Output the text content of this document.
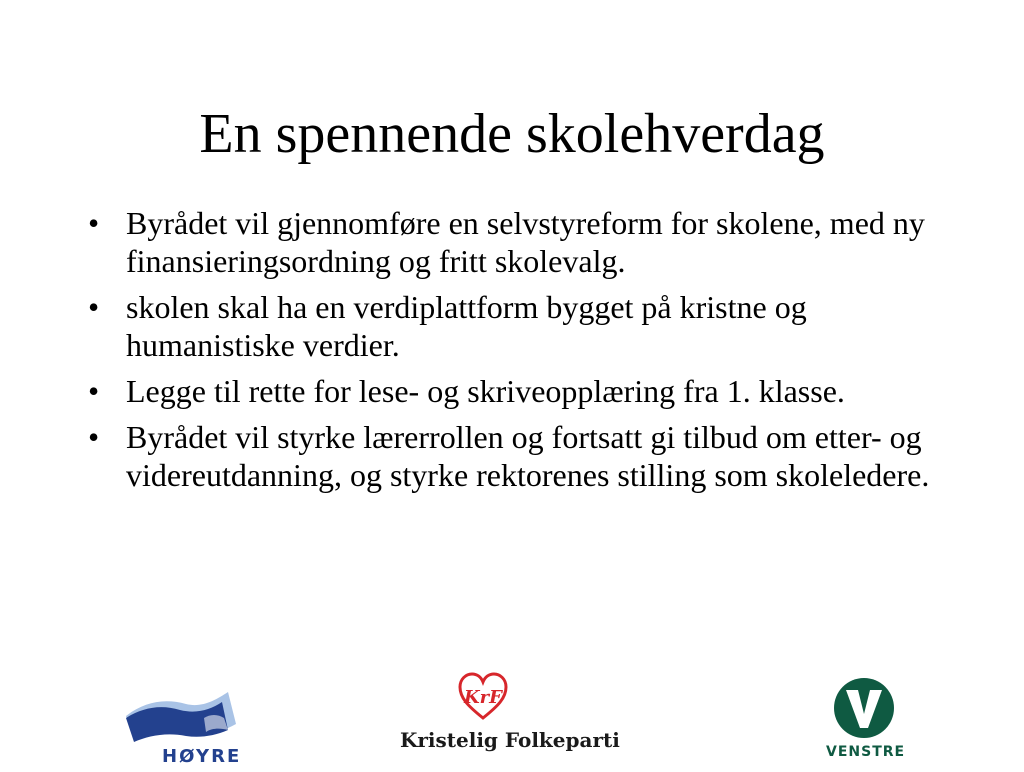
En spennende skolehverdag
• Byrådet vil gjennomføre en selvstyreform for skolene, med ny finansieringsordning og fritt skolevalg.
• skolen skal ha en verdiplattform bygget på kristne og humanistiske verdier.
• Legge til rette for lese- og skriveopplæring fra 1. klasse.
• Byrådet vil styrke lærerrollen og fortsatt gi tilbud om etter- og videreutdanning, og styrke rektorenes stilling som skoleledere.
HØYRE
KrF
Kristelig Folkeparti	VENSTRE
